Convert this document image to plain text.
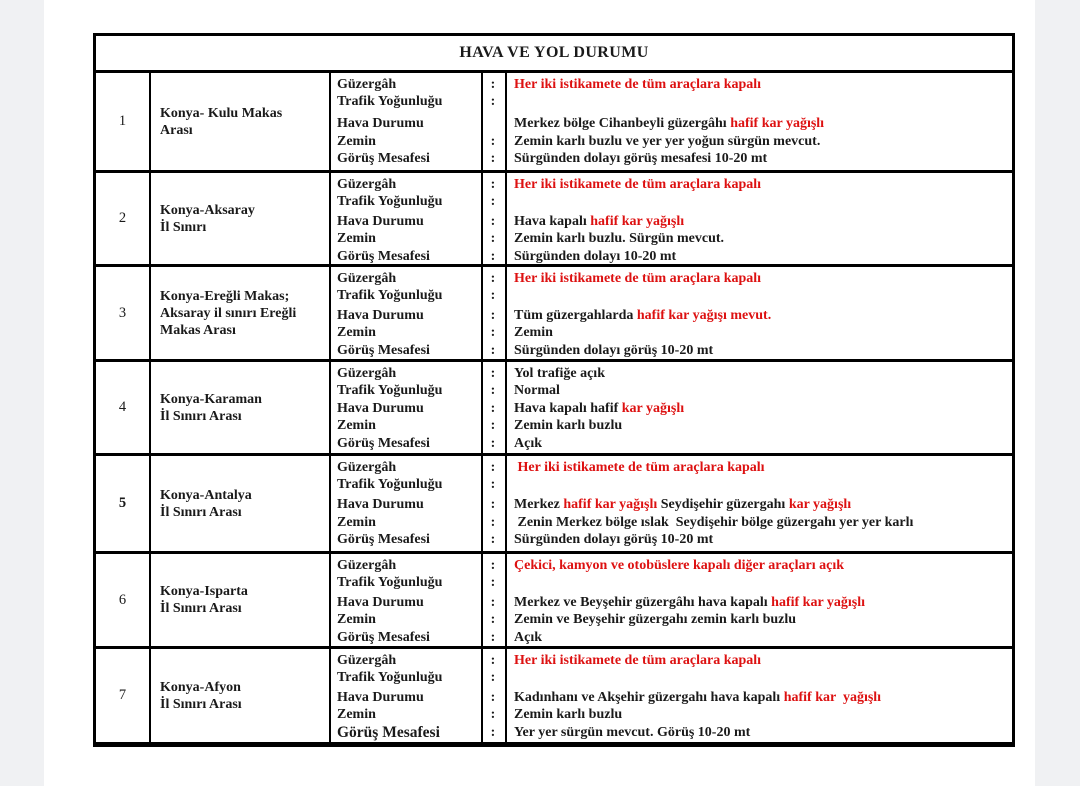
HAVA VE YOL DURUMU
1	Konya- Kulu Makas
Arası
Güzergâh	:	Her iki istikamete de tüm araçlara kapalı
Trafik Yoğunluğu	:
Hava Durumu	Merkez bölge Cihanbeyli güzergâhı hafif kar yağışlı
Zemin	:	Zemin karlı buzlu ve yer yer yoğun sürgün mevcut.
Görüş Mesafesi	:	Sürgünden dolayı görüş mesafesi 10-20 mt
2	Konya-Aksaray
İl Sınırı
Güzergâh	:	Her iki istikamete de tüm araçlara kapalı
Trafik Yoğunluğu	:
Hava Durumu	:	Hava kapalı hafif kar yağışlı
Zemin	:	Zemin karlı buzlu. Sürgün mevcut.
Görüş Mesafesi	:	Sürgünden dolayı 10-20 mt
3
Konya-Ereğli Makas;
Aksaray il sınırı Ereğli
Makas Arası
Güzergâh	:	Her iki istikamete de tüm araçlara kapalı
Trafik Yoğunluğu	:
Hava Durumu	:	Tüm güzergahlarda hafif kar yağışı mevut.
Zemin	:	Zemin
Görüş Mesafesi	:	Sürgünden dolayı görüş 10-20 mt
4	Konya-Karaman
İl Sınırı Arası
Güzergâh	:	Yol trafiğe açık
Trafik Yoğunluğu	:	Normal
Hava Durumu	:	Hava kapalı hafif kar yağışlı
Zemin	:	Zemin karlı buzlu
Görüş Mesafesi	:	Açık
5	Konya-Antalya
İl Sınırı Arası
Güzergâh	:	Her iki istikamete de tüm araçlara kapalı
Trafik Yoğunluğu	:
Hava Durumu	:	Merkez hafif kar yağışlı Seydişehir güzergahı kar yağışlı
Zemin	:	Zenin Merkez bölge ıslak  Seydişehir bölge güzergahı yer yer karlı
Görüş Mesafesi	:	Sürgünden dolayı görüş 10-20 mt
6	Konya-Isparta
İl Sınırı Arası
Güzergâh	:	Çekici, kamyon ve otobüslere kapalı diğer araçları açık
Trafik Yoğunluğu	:
Hava Durumu	:	Merkez ve Beyşehir güzergâhı hava kapalı hafif kar yağışlı
Zemin	:	Zemin ve Beyşehir güzergahı zemin karlı buzlu
Görüş Mesafesi	:	Açık
7	Konya-Afyon
İl Sınırı Arası
Güzergâh	:	Her iki istikamete de tüm araçlara kapalı
Trafik Yoğunluğu	:
Hava Durumu	:	Kadınhanı ve Akşehir güzergahı hava kapalı hafif kar  yağışlı
Zemin	:	Zemin karlı buzlu
Görüş Mesafesi	:	Yer yer sürgün mevcut. Görüş 10-20 mt
